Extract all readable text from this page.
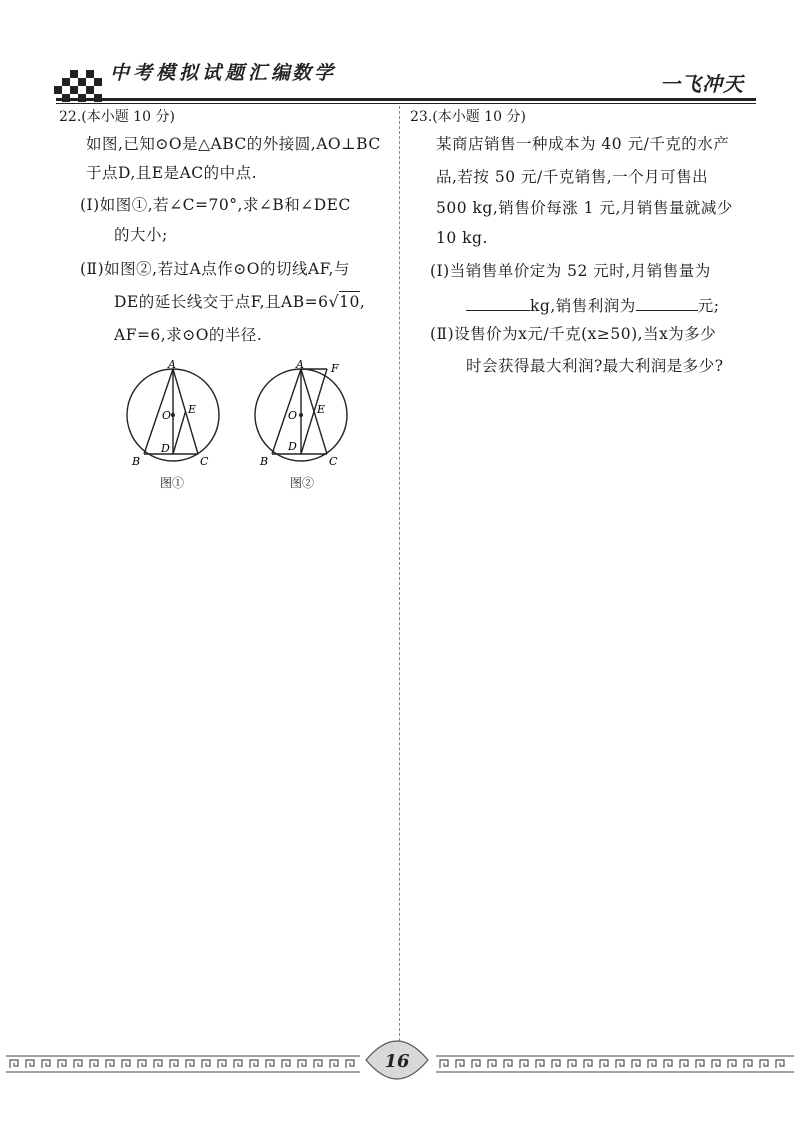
中考模拟试题汇编
数学	一飞冲天
22.(本小题 10 分)
如图,已知⊙O是△ABC的外接圆,AO⊥BC
于点D,且E是AC的中点.
(Ⅰ)如图①,若∠C=70°,求∠B和∠DEC
的大小;
(Ⅱ)如图②,若过A点作⊙O的切线AF,与
DE的延长线交于点F,且AB=6√10,
AF=6,求⊙O的半径.
A
O E
D
B	C
图①
A F
O E
D
B	C
图②
23.(本小题 10 分)
某商店销售一种成本为 40 元/千克的水产
品,若按 50 元/千克销售,一个月可售出
500 kg,销售价每涨 1 元,月销售量就减少
10 kg.
(Ⅰ)当销售单价定为 52 元时,月销售量为
kg,销售利润为	元;
(Ⅱ)设售价为x元/千克(x≥50),当x为多少
时会获得最大利润?最大利润是多少?
16
